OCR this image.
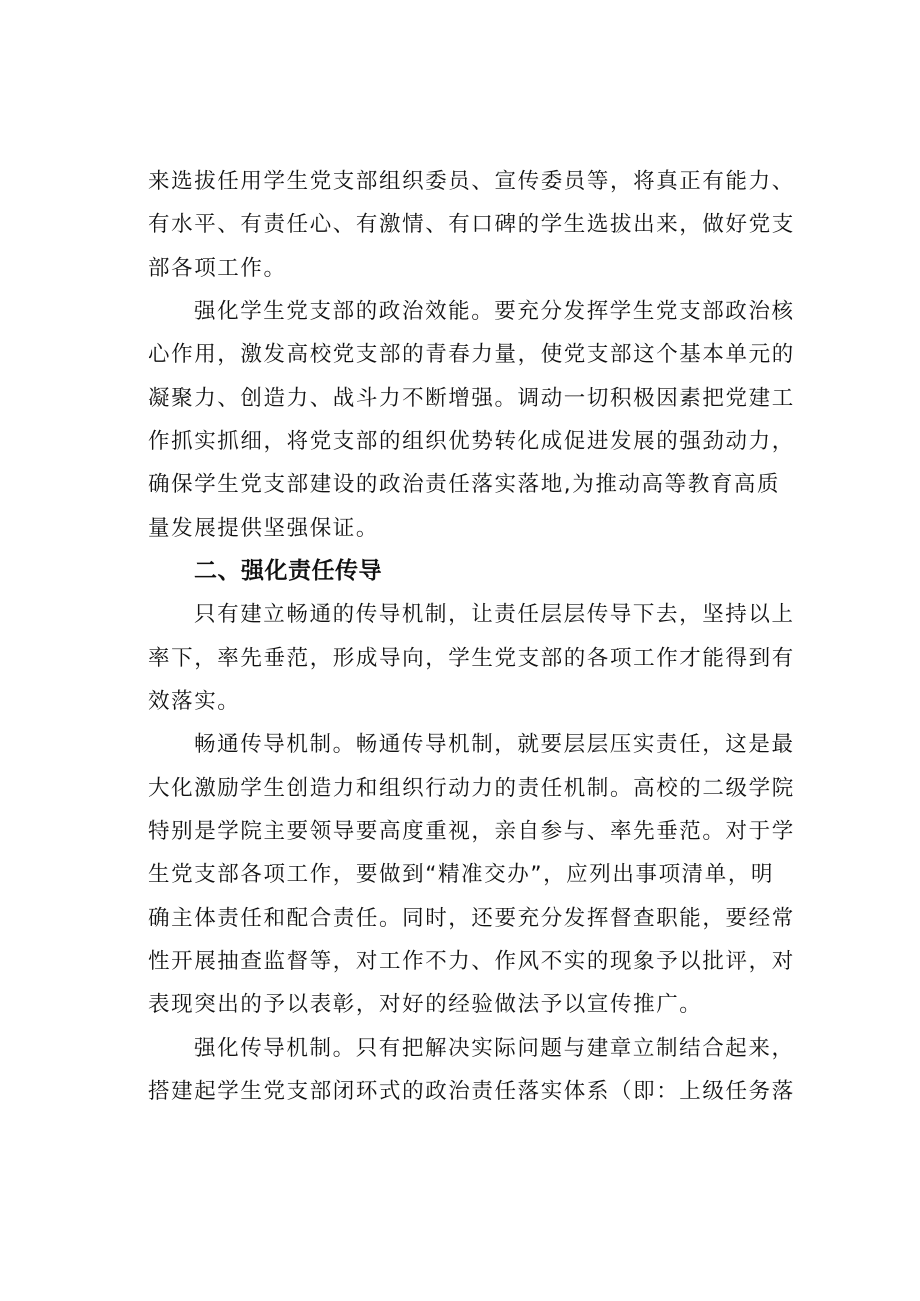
来选拔任用学生党支部组织委员、宣传委员等，将真正有能力、
有水平、有责任心、有激情、有口碑的学生选拔出来，做好党支
部各项工作。
强化学生党支部的政治效能。要充分发挥学生党支部政治核
心作用，激发高校党支部的青春力量，使党支部这个基本单元的
凝聚力、创造力、战斗力不断增强。调动一切积极因素把党建工
作抓实抓细，将党支部的组织优势转化成促进发展的强劲动力，
确保学生党支部建设的政治责任落实落地,为推动高等教育高质
量发展提供坚强保证。
二、强化责任传导
只有建立畅通的传导机制，让责任层层传导下去，坚持以上
率下，率先垂范，形成导向，学生党支部的各项工作才能得到有
效落实。
畅通传导机制。畅通传导机制，就要层层压实责任，这是最
大化激励学生创造力和组织行动力的责任机制。高校的二级学院
特别是学院主要领导要高度重视，亲自参与、率先垂范。对于学
生党支部各项工作，要做到“精准交办”，应列出事项清单，明
确主体责任和配合责任。同时，还要充分发挥督查职能，要经常
性开展抽查监督等，对工作不力、作风不实的现象予以批评，对
表现突出的予以表彰，对好的经验做法予以宣传推广。
强化传导机制。只有把解决实际问题与建章立制结合起来，
搭建起学生党支部闭环式的政治责任落实体系（即：上级任务落
